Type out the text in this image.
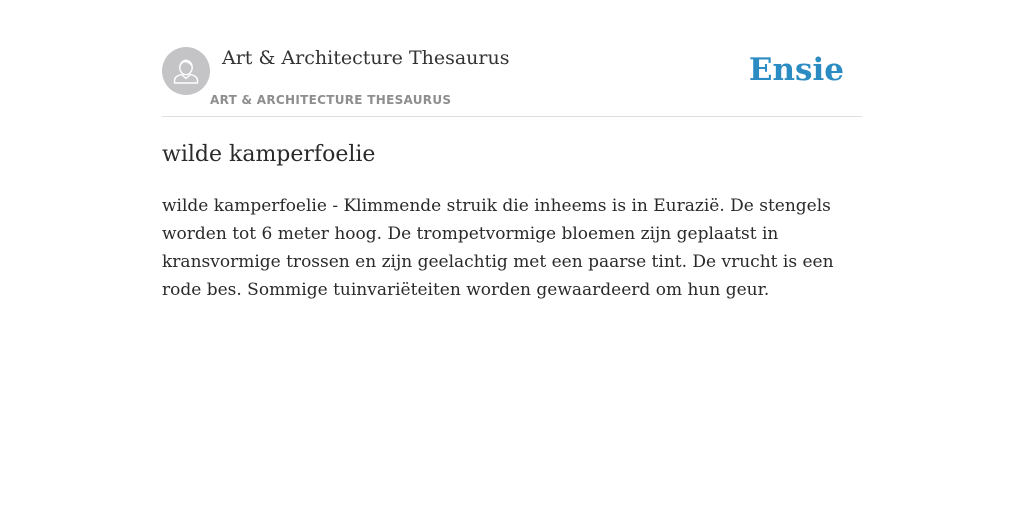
Art & Architecture Thesaurus
ART & ARCHITECTURE THESAURUS
Ensie
wilde kamperfoelie

wilde kamperfoelie - Klimmende struik die inheems is in Eurazië. De stengels worden tot 6 meter hoog. De trompetvormige bloemen zijn geplaatst in kransvormige trossen en zijn geelachtig met een paarse tint. De vrucht is een rode bes. Sommige tuinvariëteiten worden gewaardeerd om hun geur.
